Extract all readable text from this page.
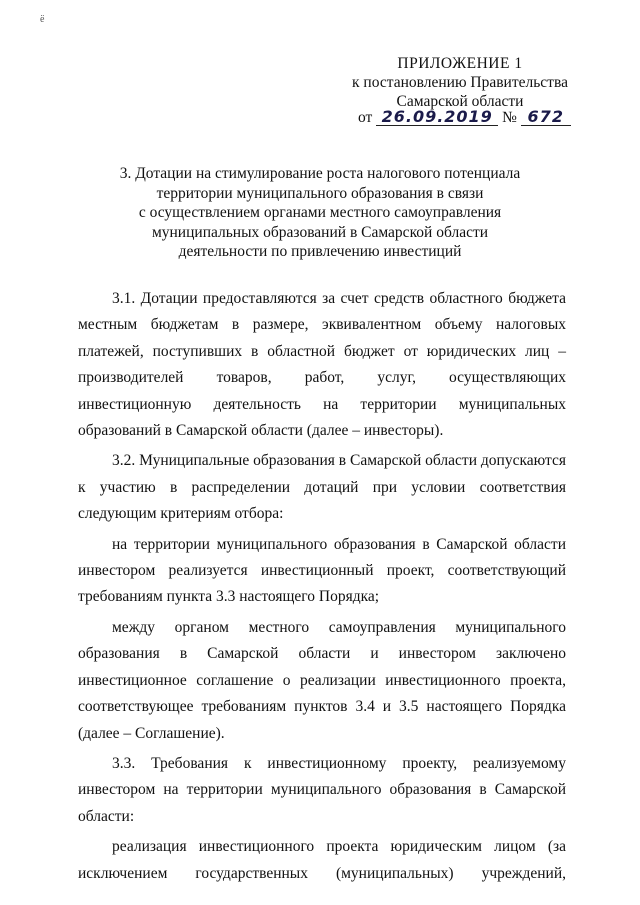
ё
ПРИЛОЖЕНИЕ 1
к постановлению Правительства
Самарской области
от 26.09.2019 № 672
3. Дотации на стимулирование роста налогового потенциала
территории муниципального образования в связи
с осуществлением органами местного самоуправления
муниципальных образований в Самарской области
деятельности по привлечению инвестиций

3.1. Дотации предоставляются за счет средств областного бюджета местным бюджетам в размере, эквивалентном объему налоговых платежей, поступивших в областной бюджет от юридических лиц – производителей товаров, работ, услуг, осуществляющих инвестиционную деятельность на территории муниципальных образований в Самарской области (далее – инвесторы).

3.2. Муниципальные образования в Самарской области допускаются к участию в распределении дотаций при условии соответствия следующим критериям отбора:

на территории муниципального образования в Самарской области инвестором реализуется инвестиционный проект, соответствующий требованиям пункта 3.3 настоящего Порядка;

между органом местного самоуправления муниципального образования в Самарской области и инвестором заключено инвестиционное соглашение о реализации инвестиционного проекта, соответствующее требованиям пунктов 3.4 и 3.5 настоящего Порядка (далее – Соглашение).

3.3. Требования к инвестиционному проекту, реализуемому инвестором на территории муниципального образования в Самарской области:

реализация инвестиционного проекта юридическим лицом (за исключением государственных (муниципальных) учреждений,
